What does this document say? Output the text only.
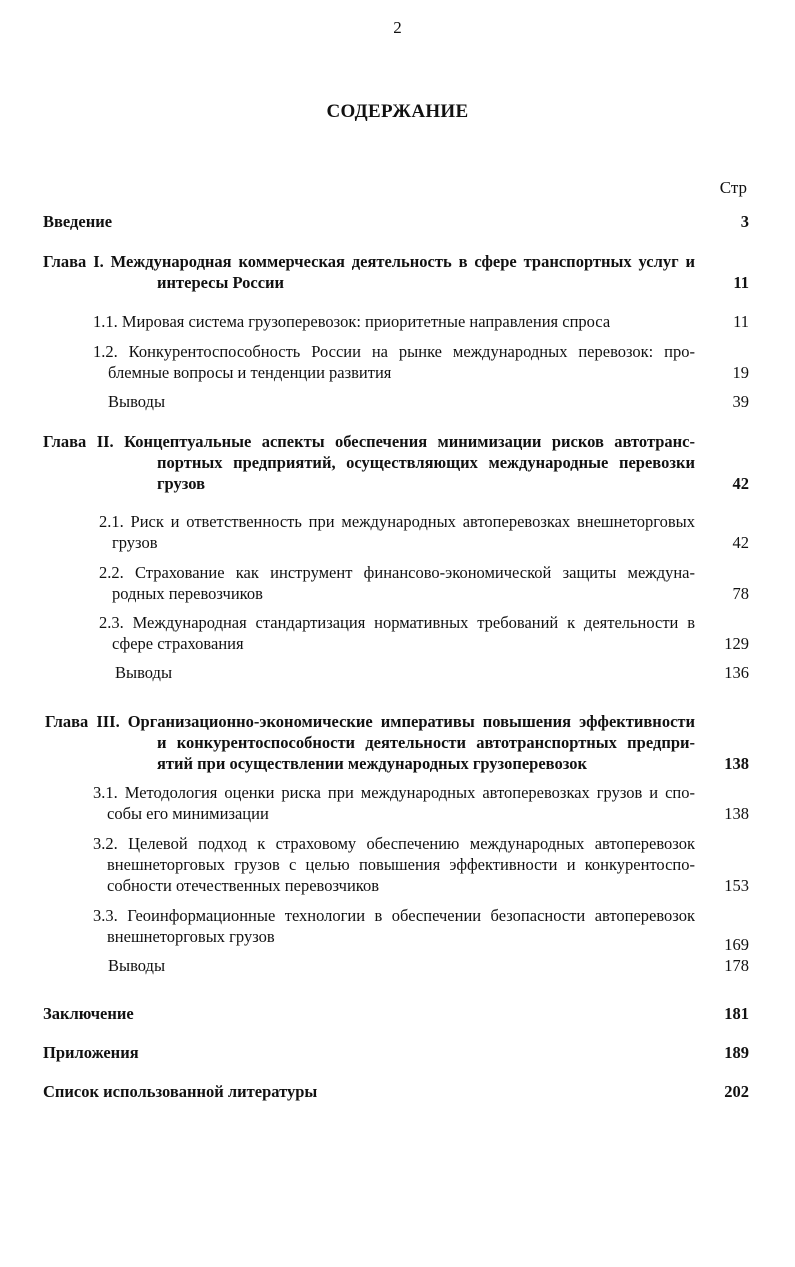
2
СОДЕРЖАНИЕ
Стр
Введение	3
Глава I. Международная коммерческая деятельность в сфере транспортных услуг и
интересы России	11
1.1. Мировая система грузоперевозок: приоритетные направления спроса	11
1.2. Конкурентоспособность России на рынке международных перевозок: про-
блемные вопросы и тенденции развития	19
Выводы	39
Глава II. Концептуальные аспекты обеспечения минимизации рисков автотранс-
портных предприятий, осуществляющих международные перевозки
грузов	42
2.1. Риск и ответственность при международных автоперевозках внешнеторговых
грузов	42
2.2. Страхование как инструмент финансово-экономической защиты междуна-
родных перевозчиков	78
2.3. Международная стандартизация нормативных требований к деятельности в
сфере страхования	129
Выводы	136
Глава III. Организационно-экономические императивы повышения эффективности
и конкурентоспособности деятельности автотранспортных предпри-
ятий при осуществлении международных грузоперевозок	138
3.1. Методология оценки риска при международных автоперевозках грузов и спо-
собы его минимизации	138
3.2. Целевой подход к страховому обеспечению международных автоперевозок
внешнеторговых грузов с целью повышения эффективности и конкурентоспо-
собности отечественных перевозчиков	153
3.3. Геоинформационные технологии в обеспечении безопасности автоперевозок
внешнеторговых грузов	169
Выводы	178
Заключение	181
Приложения	189
Список использованной литературы	202
